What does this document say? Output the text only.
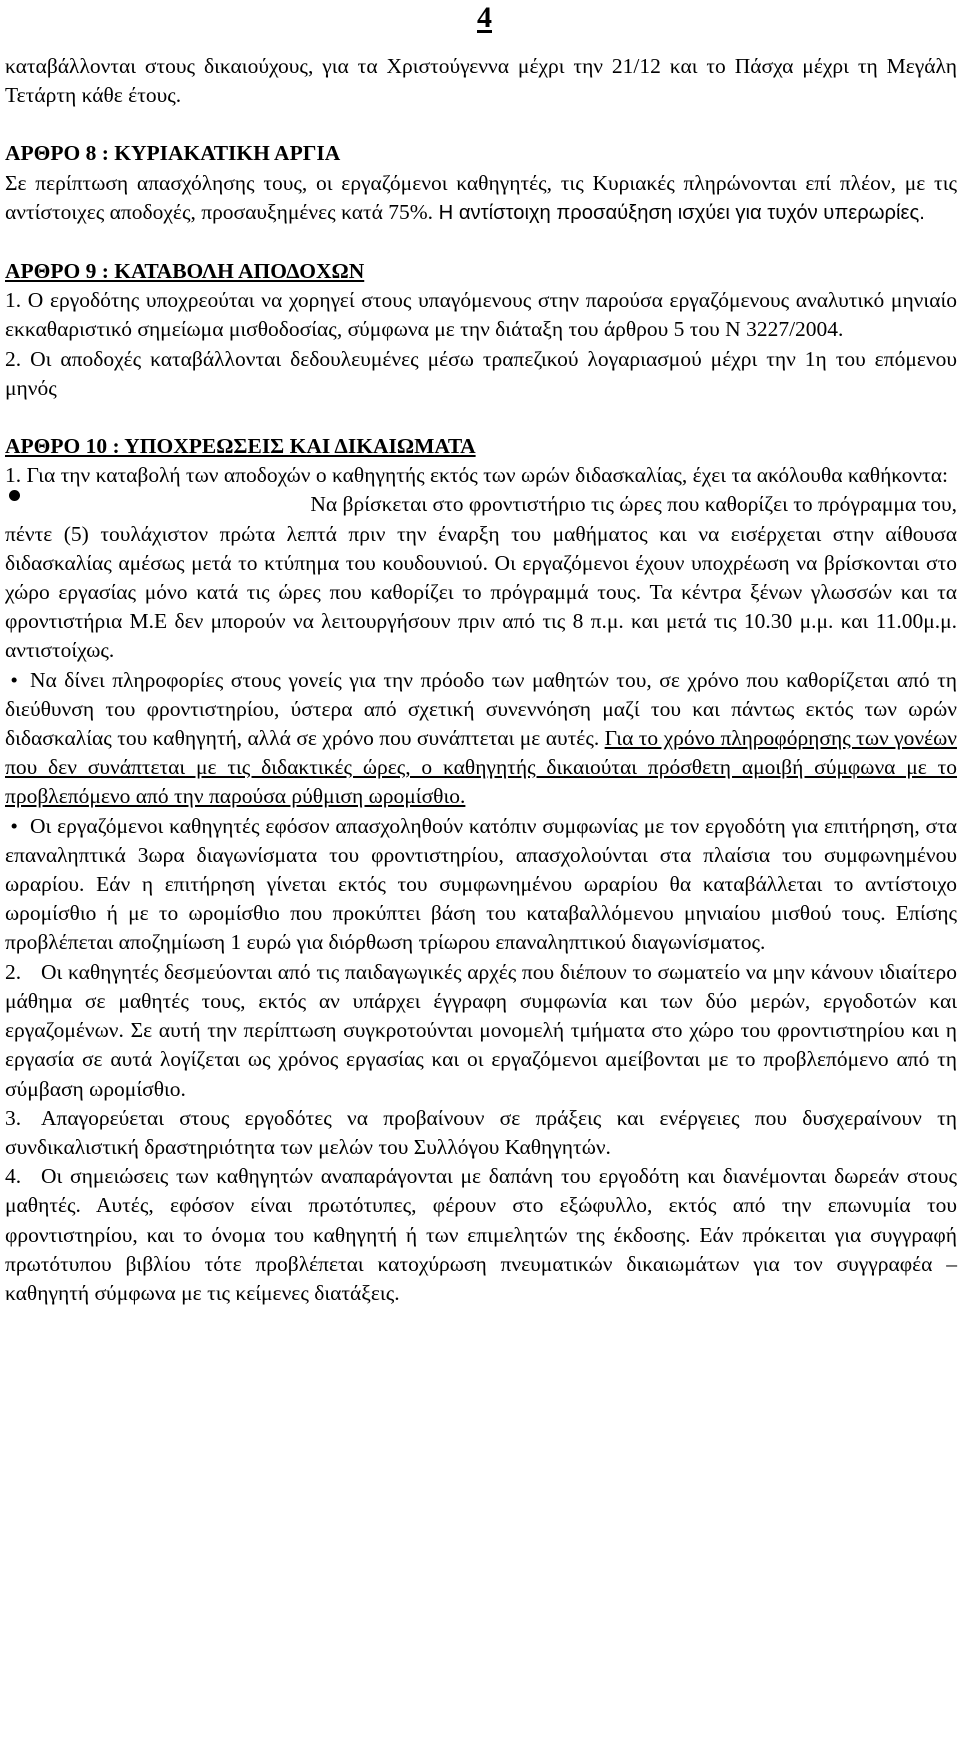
4

καταβάλλονται στους δικαιούχους, για τα Χριστούγεννα μέχρι την 21/12 και το Πάσχα μέχρι τη Μεγάλη Τετάρτη κάθε έτους.

ΑΡΘΡΟ 8 : ΚΥΡΙΑΚΑΤΙΚΗ ΑΡΓΙΑ

Σε περίπτωση απασχόλησης τους, οι εργαζόμενοι καθηγητές, τις Κυριακές πληρώνονται επί πλέον, με τις αντίστοιχες αποδοχές, προσαυξημένες κατά 75%. Η αντίστοιχη προσαύξηση ισχύει για τυχόν υπερωρίες.

ΑΡΘΡΟ 9 : ΚΑΤΑΒΟΛΗ ΑΠΟΔΟΧΩΝ

1. Ο εργοδότης υποχρεούται να χορηγεί στους υπαγόμενους στην παρούσα εργαζόμενους αναλυτικό μηνιαίο εκκαθαριστικό σημείωμα μισθοδοσίας, σύμφωνα με την διάταξη του άρθρου 5 του Ν 3227/2004.

2. Οι αποδοχές καταβάλλονται δεδουλευμένες μέσω τραπεζικού λογαριασμού μέχρι την 1η του επόμενου μηνός

ΑΡΘΡΟ 10 : ΥΠΟΧΡΕΩΣΕΙΣ ΚΑΙ ΔΙΚΑΙΩΜΑΤΑ

1. Για την καταβολή των αποδοχών ο καθηγητής εκτός των ωρών διδασκαλίας, έχει τα ακόλουθα καθήκοντα:

Να βρίσκεται στο φροντιστήριο τις ώρες που καθορίζει το πρόγραμμα του,

πέντε (5) τουλάχιστον πρώτα λεπτά πριν την έναρξη του μαθήματος και να εισέρχεται στην αίθουσα διδασκαλίας αμέσως μετά το κτύπημα του κουδουνιού. Οι εργαζόμενοι έχουν υποχρέωση να βρίσκονται στο χώρο εργασίας μόνο κατά τις ώρες που καθορίζει το πρόγραμμά τους. Τα κέντρα ξένων γλωσσών και τα φροντιστήρια Μ.Ε δεν μπορούν να λειτουργήσουν πριν από τις 8 π.μ. και μετά τις 10.30 μ.μ. και 11.00μ.μ. αντιστοίχως.

• Να δίνει πληροφορίες στους γονείς για την πρόοδο των μαθητών του, σε χρόνο που καθορίζεται από τη διεύθυνση του φροντιστηρίου, ύστερα από σχετική συνεννόηση μαζί του και πάντως εκτός των ωρών διδασκαλίας του καθηγητή, αλλά σε χρόνο που συνάπτεται με αυτές. Για το χρόνο πληροφόρησης των γονέων που δεν συνάπτεται με τις διδακτικές ώρες, ο καθηγητής δικαιούται πρόσθετη αμοιβή σύμφωνα με το προβλεπόμενο από την παρούσα ρύθμιση ωρομίσθιο.

• Οι εργαζόμενοι καθηγητές εφόσον απασχοληθούν κατόπιν συμφωνίας με τον εργοδότη για επιτήρηση, στα επαναληπτικά 3ωρα διαγωνίσματα του φροντιστηρίου, απασχολούνται στα πλαίσια του συμφωνημένου ωραρίου. Εάν η επιτήρηση γίνεται εκτός του συμφωνημένου ωραρίου θα καταβάλλεται το αντίστοιχο ωρομίσθιο ή με το ωρομίσθιο που προκύπτει βάση του καταβαλλόμενου μηνιαίου μισθού τους. Επίσης προβλέπεται αποζημίωση 1 ευρώ για διόρθωση τρίωρου επαναληπτικού διαγωνίσματος.

2. Οι καθηγητές δεσμεύονται από τις παιδαγωγικές αρχές που διέπουν το σωματείο να μην κάνουν ιδιαίτερο μάθημα σε μαθητές τους, εκτός αν υπάρχει έγγραφη συμφωνία και των δύο μερών, εργοδοτών και εργαζομένων. Σε αυτή την περίπτωση συγκροτούνται μονομελή τμήματα στο χώρο του φροντιστηρίου και η εργασία σε αυτά λογίζεται ως χρόνος εργασίας και οι εργαζόμενοι αμείβονται με το προβλεπόμενο από τη σύμβαση ωρομίσθιο.

3. Απαγορεύεται στους εργοδότες να προβαίνουν σε πράξεις και ενέργειες που δυσχεραίνουν τη συνδικαλιστική δραστηριότητα των μελών του Συλλόγου Καθηγητών.

4. Οι σημειώσεις των καθηγητών αναπαράγονται με δαπάνη του εργοδότη και διανέμονται δωρεάν στους μαθητές. Αυτές, εφόσον είναι πρωτότυπες, φέρουν στο εξώφυλλο, εκτός από την επωνυμία του φροντιστηρίου, και το όνομα του καθηγητή ή των επιμελητών της έκδοσης. Εάν πρόκειται για συγγραφή πρωτότυπου βιβλίου τότε προβλέπεται κατοχύρωση πνευματικών δικαιωμάτων για τον συγγραφέα – καθηγητή σύμφωνα με τις κείμενες διατάξεις.
